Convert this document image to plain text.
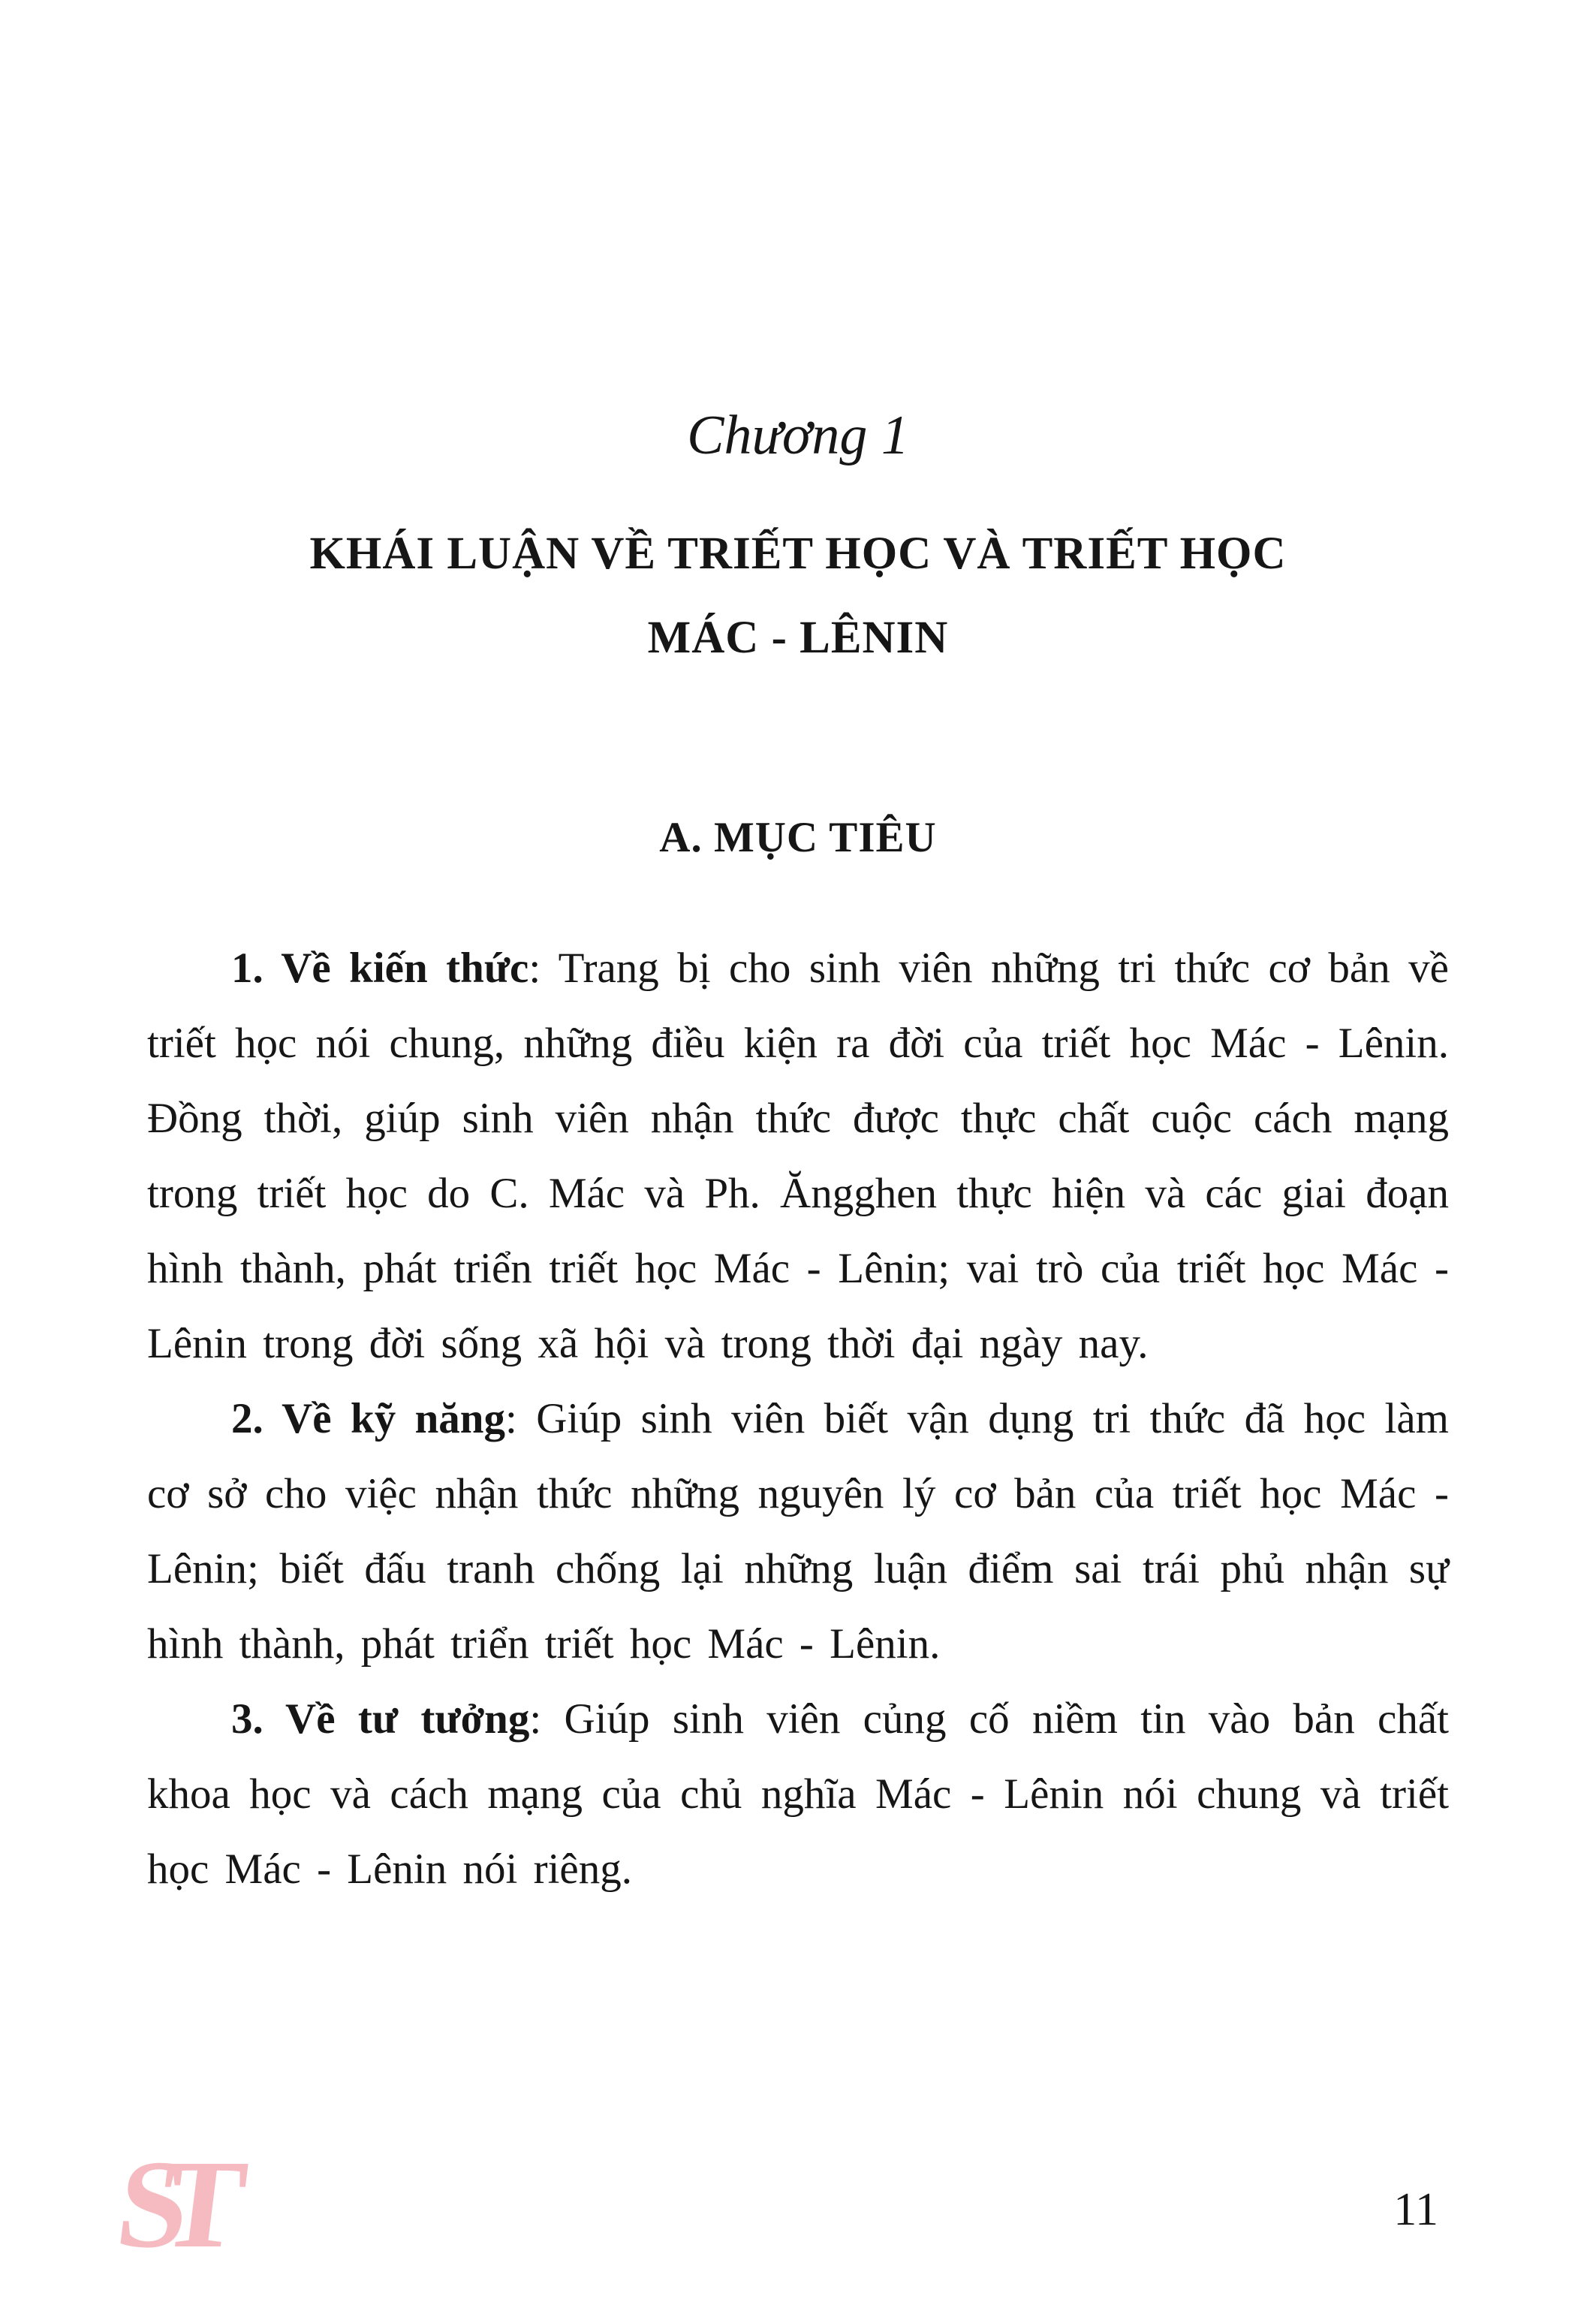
Chương 1
KHÁI LUẬN VỀ TRIẾT HỌC VÀ TRIẾT HỌC
MÁC - LÊNIN
A. MỤC TIÊU

1. Về kiến thức: Trang bị cho sinh viên những tri thức cơ bản về triết học nói chung, những điều kiện ra đời của triết học Mác - Lênin. Đồng thời, giúp sinh viên nhận thức được thực chất cuộc cách mạng trong triết học do C. Mác và Ph. Ăngghen thực hiện và các giai đoạn hình thành, phát triển triết học Mác - Lênin; vai trò của triết học Mác - Lênin trong đời sống xã hội và trong thời đại ngày nay.

2. Về kỹ năng: Giúp sinh viên biết vận dụng tri thức đã học làm cơ sở cho việc nhận thức những nguyên lý cơ bản của triết học Mác - Lênin; biết đấu tranh chống lại những luận điểm sai trái phủ nhận sự hình thành, phát triển triết học Mác - Lênin.

3. Về tư tưởng: Giúp sinh viên củng cố niềm tin vào bản chất khoa học và cách mạng của chủ nghĩa Mác - Lênin nói chung và triết học Mác - Lênin nói riêng.

ST	11
